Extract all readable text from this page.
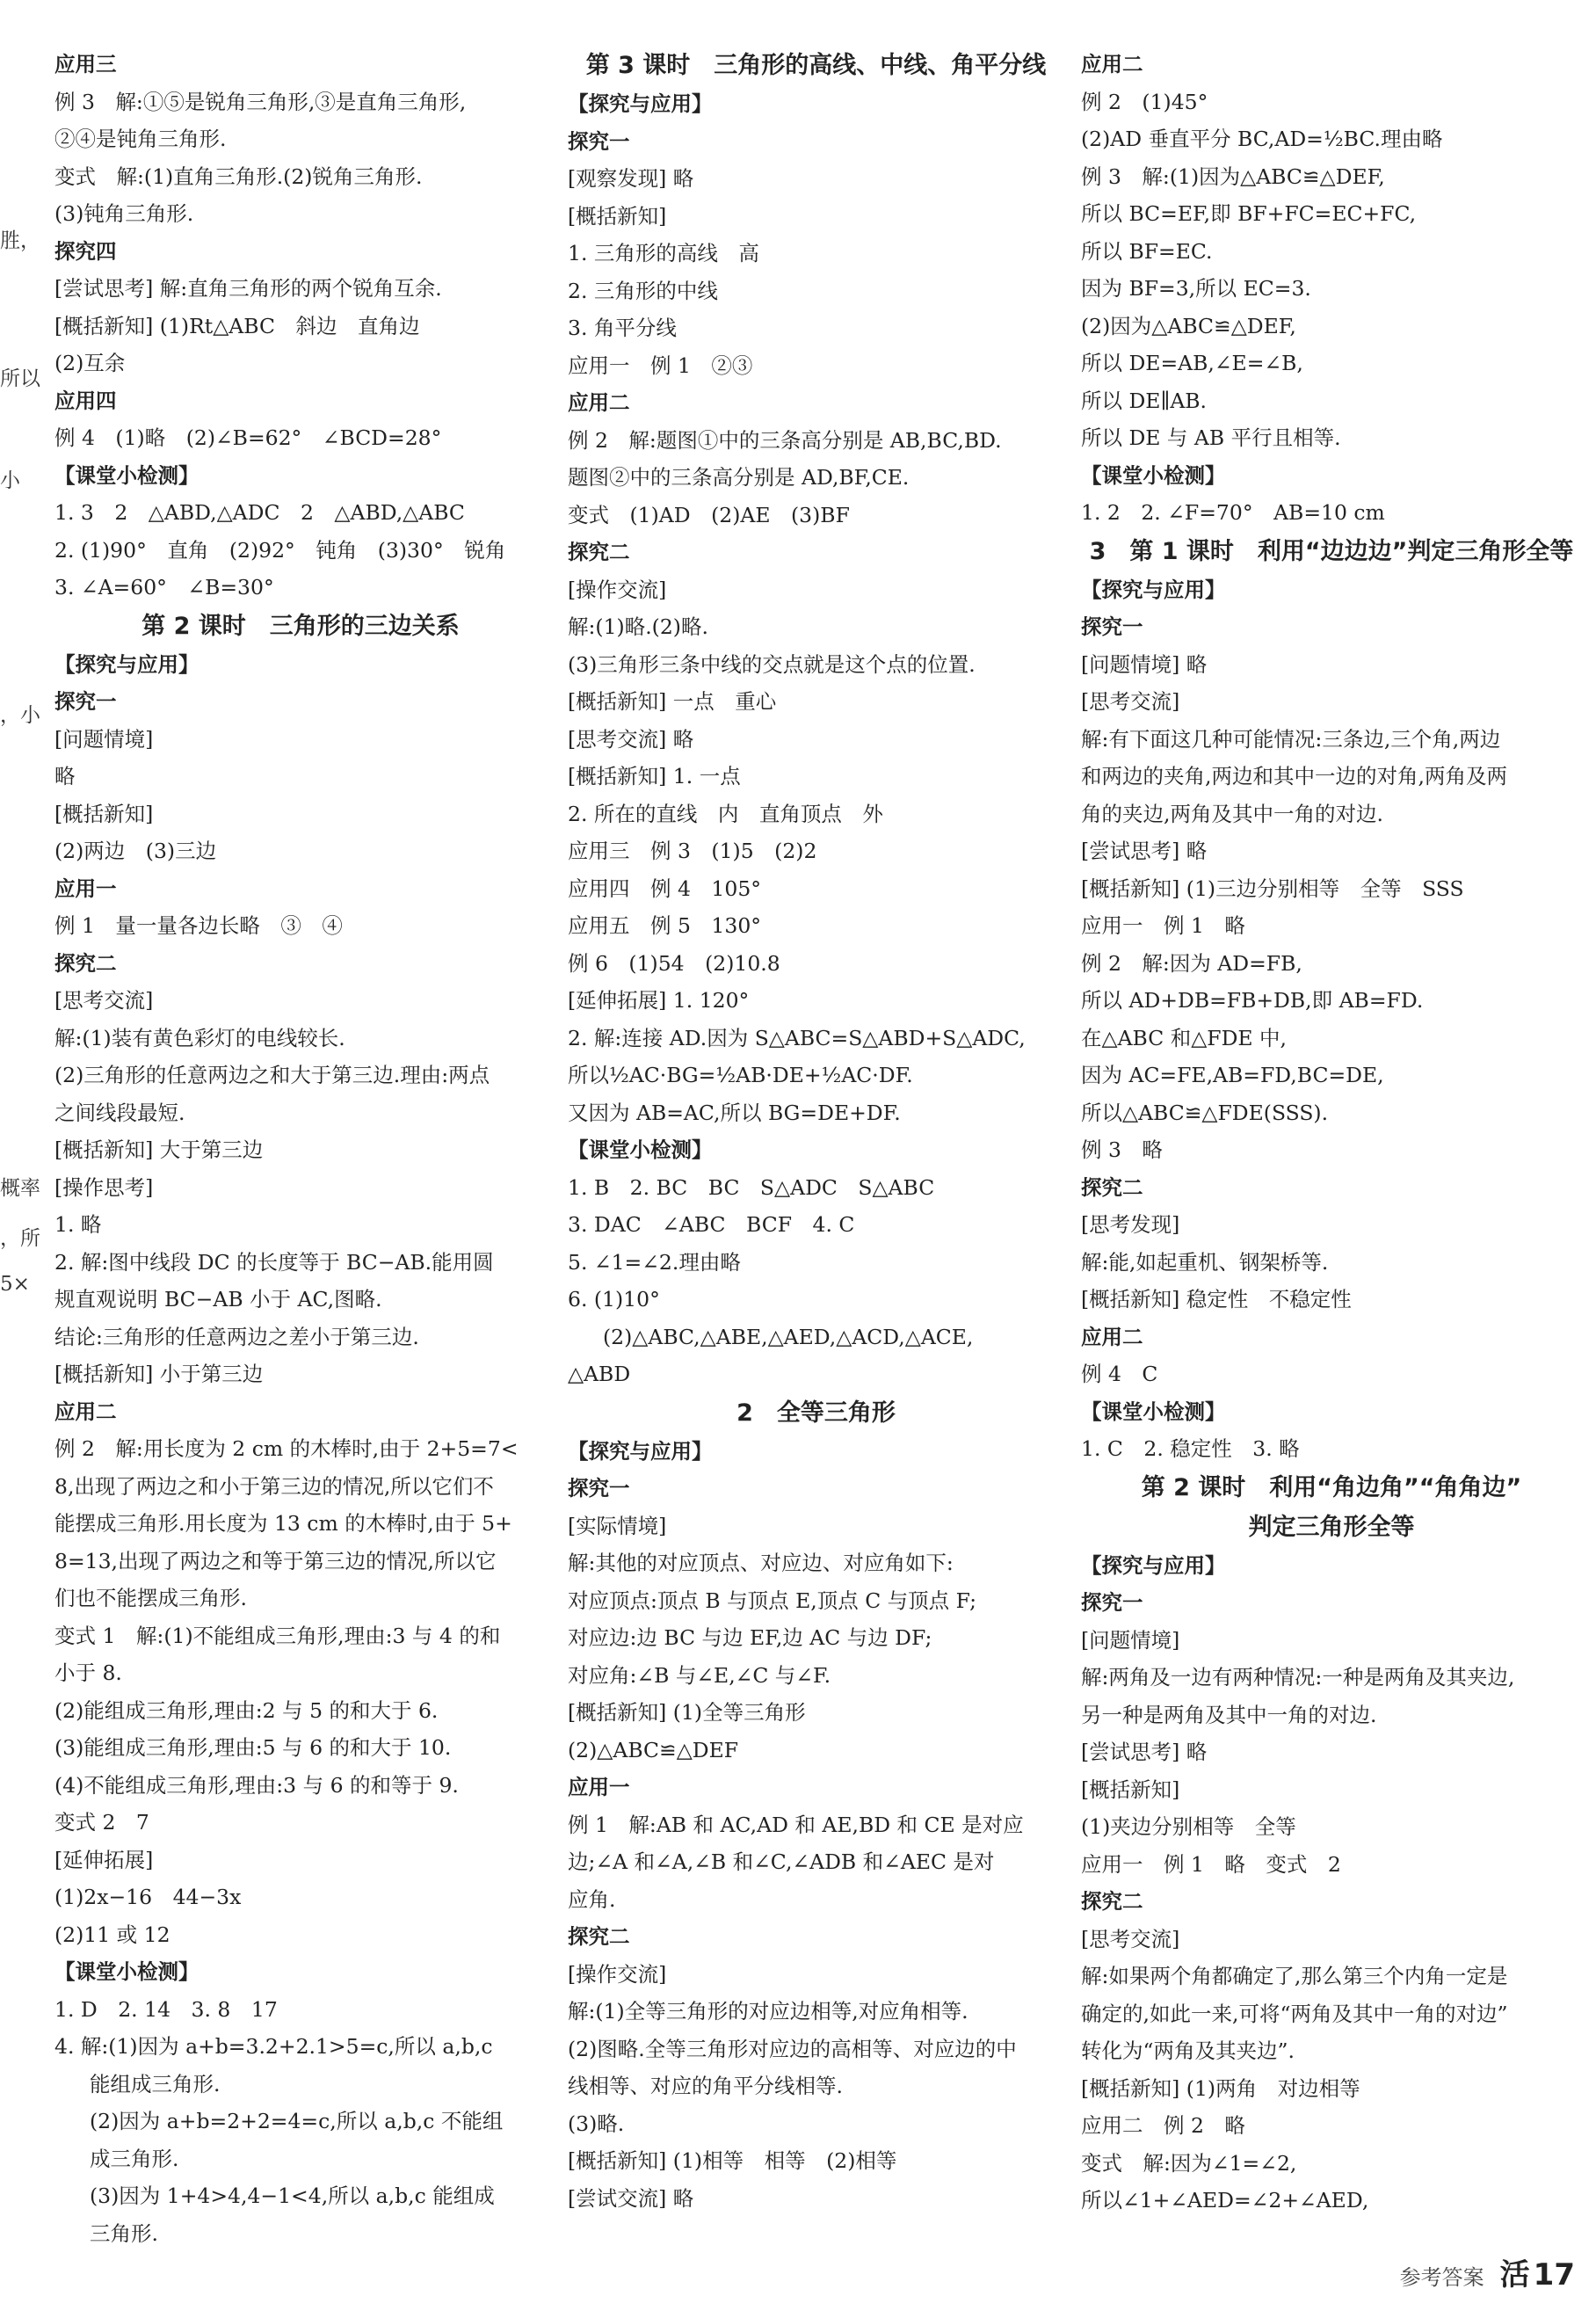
胜，
所以
小
，小
概率
，所
5×
应用三
例 3　解:①⑤是锐角三角形,③是直角三角形,
②④是钝角三角形.
变式　解:(1)直角三角形.(2)锐角三角形.
(3)钝角三角形.
探究四
[尝试思考] 解:直角三角形的两个锐角互余.
[概括新知] (1)Rt△ABC　斜边　直角边
(2)互余
应用四
例 4　(1)略　(2)∠B=62°　∠BCD=28°
【课堂小检测】
1. 3　2　△ABD,△ADC　2　△ABD,△ABC
2. (1)90°　直角　(2)92°　钝角　(3)30°　锐角
3. ∠A=60°　∠B=30°
第 2 课时　三角形的三边关系
【探究与应用】
探究一
[问题情境]
略
[概括新知]
(2)两边　(3)三边
应用一
例 1　量一量各边长略　③　④
探究二
[思考交流]
解:(1)装有黄色彩灯的电线较长.
(2)三角形的任意两边之和大于第三边.理由:两点
之间线段最短.
[概括新知] 大于第三边
[操作思考]
1. 略
2. 解:图中线段 DC 的长度等于 BC−AB.能用圆
规直观说明 BC−AB 小于 AC,图略.
结论:三角形的任意两边之差小于第三边.
[概括新知] 小于第三边
应用二
例 2　解:用长度为 2 cm 的木棒时,由于 2+5=7<
8,出现了两边之和小于第三边的情况,所以它们不
能摆成三角形.用长度为 13 cm 的木棒时,由于 5+
8=13,出现了两边之和等于第三边的情况,所以它
们也不能摆成三角形.
变式 1　解:(1)不能组成三角形,理由:3 与 4 的和
小于 8.
(2)能组成三角形,理由:2 与 5 的和大于 6.
(3)能组成三角形,理由:5 与 6 的和大于 10.
(4)不能组成三角形,理由:3 与 6 的和等于 9.
变式 2　7
[延伸拓展]
(1)2x−16　44−3x
(2)11 或 12
【课堂小检测】
1. D　2. 14　3. 8　17
4. 解:(1)因为 a+b=3.2+2.1>5=c,所以 a,b,c
能组成三角形.
(2)因为 a+b=2+2=4=c,所以 a,b,c 不能组
成三角形.
(3)因为 1+4>4,4−1<4,所以 a,b,c 能组成
三角形.
第 3 课时　三角形的高线、中线、角平分线
【探究与应用】
探究一
[观察发现] 略
[概括新知]
1. 三角形的高线　高
2. 三角形的中线
3. 角平分线
应用一　例 1　②③
应用二
例 2　解:题图①中的三条高分别是 AB,BC,BD.
题图②中的三条高分别是 AD,BF,CE.
变式　(1)AD　(2)AE　(3)BF
探究二
[操作交流]
解:(1)略.(2)略.
(3)三角形三条中线的交点就是这个点的位置.
[概括新知] 一点　重心
[思考交流] 略
[概括新知] 1. 一点
2. 所在的直线　内　直角顶点　外
应用三　例 3　(1)5　(2)2
应用四　例 4　105°
应用五　例 5　130°
例 6　(1)54　(2)10.8
[延伸拓展] 1. 120°
2. 解:连接 AD.因为 S△ABC=S△ABD+S△ADC,
所以½AC·BG=½AB·DE+½AC·DF.
又因为 AB=AC,所以 BG=DE+DF.
【课堂小检测】
1. B　2. BC　BC　S△ADC　S△ABC
3. DAC　∠ABC　BCF　4. C
5. ∠1=∠2.理由略
6. (1)10°
(2)△ABC,△ABE,△AED,△ACD,△ACE,
△ABD
2　全等三角形
【探究与应用】
探究一
[实际情境]
解:其他的对应顶点、对应边、对应角如下:
对应顶点:顶点 B 与顶点 E,顶点 C 与顶点 F;
对应边:边 BC 与边 EF,边 AC 与边 DF;
对应角:∠B 与∠E,∠C 与∠F.
[概括新知] (1)全等三角形
(2)△ABC≌△DEF
应用一
例 1　解:AB 和 AC,AD 和 AE,BD 和 CE 是对应
边;∠A 和∠A,∠B 和∠C,∠ADB 和∠AEC 是对
应角.
探究二
[操作交流]
解:(1)全等三角形的对应边相等,对应角相等.
(2)图略.全等三角形对应边的高相等、对应边的中
线相等、对应的角平分线相等.
(3)略.
[概括新知] (1)相等　相等　(2)相等
[尝试交流] 略
应用二
例 2　(1)45°
(2)AD 垂直平分 BC,AD=½BC.理由略
例 3　解:(1)因为△ABC≌△DEF,
所以 BC=EF,即 BF+FC=EC+FC,
所以 BF=EC.
因为 BF=3,所以 EC=3.
(2)因为△ABC≌△DEF,
所以 DE=AB,∠E=∠B,
所以 DE∥AB.
所以 DE 与 AB 平行且相等.
【课堂小检测】
1. 2　2. ∠F=70°　AB=10 cm
3　第 1 课时　利用“边边边”判定三角形全等
【探究与应用】
探究一
[问题情境] 略
[思考交流]
解:有下面这几种可能情况:三条边,三个角,两边
和两边的夹角,两边和其中一边的对角,两角及两
角的夹边,两角及其中一角的对边.
[尝试思考] 略
[概括新知] (1)三边分别相等　全等　SSS
应用一　例 1　略
例 2　解:因为 AD=FB,
所以 AD+DB=FB+DB,即 AB=FD.
在△ABC 和△FDE 中,
因为 AC=FE,AB=FD,BC=DE,
所以△ABC≌△FDE(SSS).
例 3　略
探究二
[思考发现]
解:能,如起重机、钢架桥等.
[概括新知] 稳定性　不稳定性
应用二
例 4　C
【课堂小检测】
1. C　2. 稳定性　3. 略
第 2 课时　利用“角边角”“角角边”
判定三角形全等
【探究与应用】
探究一
[问题情境]
解:两角及一边有两种情况:一种是两角及其夹边,
另一种是两角及其中一角的对边.
[尝试思考] 略
[概括新知]
(1)夹边分别相等　全等
应用一　例 1　略　变式　2
探究二
[思考交流]
解:如果两个角都确定了,那么第三个内角一定是
确定的,如此一来,可将“两角及其中一角的对边”
转化为“两角及其夹边”.
[概括新知] (1)两角　对边相等
应用二　例 2　略
变式　解:因为∠1=∠2,
所以∠1+∠AED=∠2+∠AED,
参考答案 活 17
